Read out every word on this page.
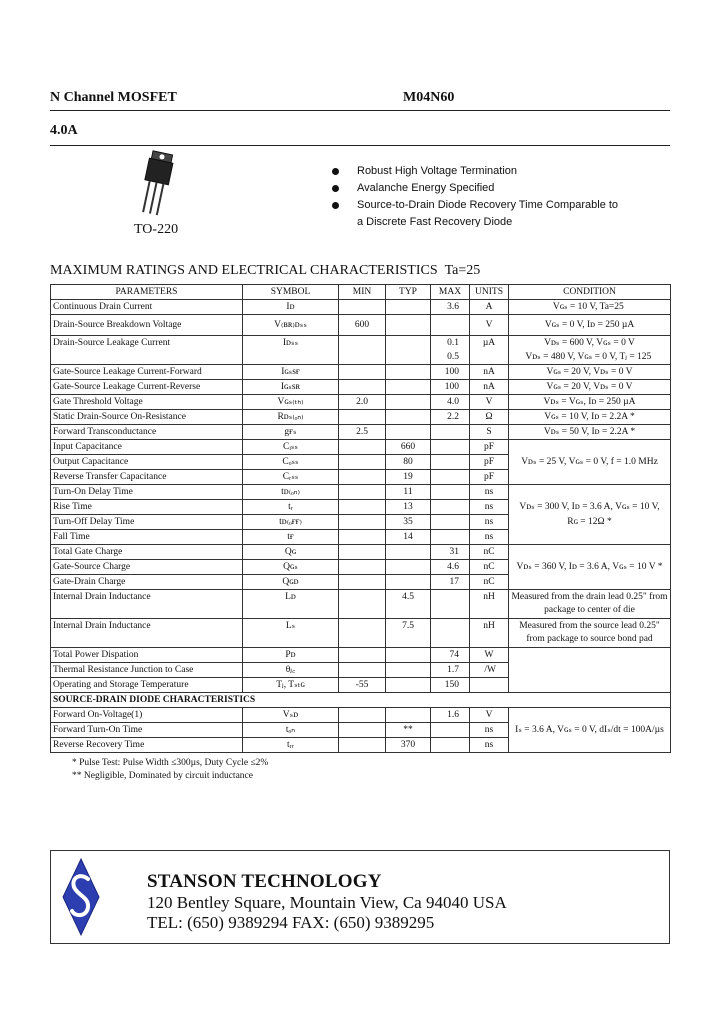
N Channel MOSFET	M04N60
4.0A
TO-220
Robust High Voltage Termination
Avalanche Energy Specified
Source-to-Drain Diode Recovery Time Comparable to
a Discrete Fast Recovery Diode
MAXIMUM RATINGS AND ELECTRICAL CHARACTERISTICS  Ta=25
PARAMETERS	SYMBOL	MIN	TYP	MAX	UNITS	CONDITION
Continuous Drain Current	Iᴅ			3.6	A	Vɢₛ = 10 V, Ta=25
Drain-Source Breakdown Voltage	V₍ʙʀ₎ᴅₛₛ	600			V	Vɢₛ = 0 V, Iᴅ = 250 µA
Drain-Source Leakage Current	Iᴅₛₛ			0.1	µA	Vᴅₛ = 600 V, Vɢₛ = 0 V
				0.5		Vᴅₛ = 480 V, Vɢₛ = 0 V, Tⱼ = 125
Gate-Source Leakage Current-Forward	Iɢₛѕғ			100	nA	Vɢₛ = 20 V, Vᴅₛ = 0 V
Gate-Source Leakage Current-Reverse	Iɢₛѕʀ			100	nA	Vɢₛ = 20 V, Vᴅₛ = 0 V
Gate Threshold Voltage	Vɢₛ₍ₜₕ₎	2.0		4.0	V	Vᴅₛ = Vɢₛ, Iᴅ = 250 µA
Static Drain-Source On-Resistance	Rᴅₛ₍ₒₙ₎			2.2	Ω	Vɢₛ = 10 V, Iᴅ = 2.2A *
Forward Transconductance	gғₛ	2.5			S	Vᴅₛ = 50 V, Iᴅ = 2.2A *
Input Capacitance	Cᵢₛₛ		660		pF	Vᴅₛ = 25 V, Vɢₛ = 0 V, f = 1.0 MHz
Output Capacitance	Cₒₛₛ		80		pF	
Reverse Transfer Capacitance	Cᵣₛₛ		19		pF	
Turn-On Delay Time	tᴅ₍ₒₙ₎		11		ns	Vᴅₛ = 300 V, Iᴅ = 3.6 A, Vɢₛ = 10 V,
Rɢ = 12Ω *
Rise Time	tᵣ		13		ns	
Turn-Off Delay Time	tᴅ₍ₒғғ₎		35		ns	
Fall Time	tғ		14		ns	
Total Gate Charge	Qɢ			31	nC	Vᴅₛ = 360 V, Iᴅ = 3.6 A, Vɢₛ = 10 V *
Gate-Source Charge	Qɢₛ			4.6	nC	
Gate-Drain Charge	Qɢᴅ			17	nC	
Internal Drain Inductance	Lᴅ		4.5		nH	Measured from the drain lead 0.25" from package to center of die
Internal Drain Inductance	Lₛ		7.5		nH	Measured from the source lead 0.25" from package to source bond pad
Total Power Dispation	Pᴅ			74	W	
Thermal Resistance Junction to Case	θⱼ꜀			1.7	/W	
Operating and Storage Temperature	Tⱼ, Tₛₜɢ	-55		150		
SOURCE-DRAIN DIODE CHARACTERISTICS						
Forward On-Voltage(1)	Vₛᴅ			1.6	V	Iₛ = 3.6 A, Vɢₛ = 0 V, dIₛ/dt = 100A/µs
Forward Turn-On Time	tₒₙ		**		ns	
Reverse Recovery Time	tᵣᵣ		370		ns	
* Pulse Test: Pulse Width ≤300µs, Duty Cycle ≤2%
** Negligible, Dominated by circuit inductance
STANSON TECHNOLOGY
120 Bentley Square, Mountain View, Ca 94040 USA
TEL: (650) 9389294 FAX: (650) 9389295
